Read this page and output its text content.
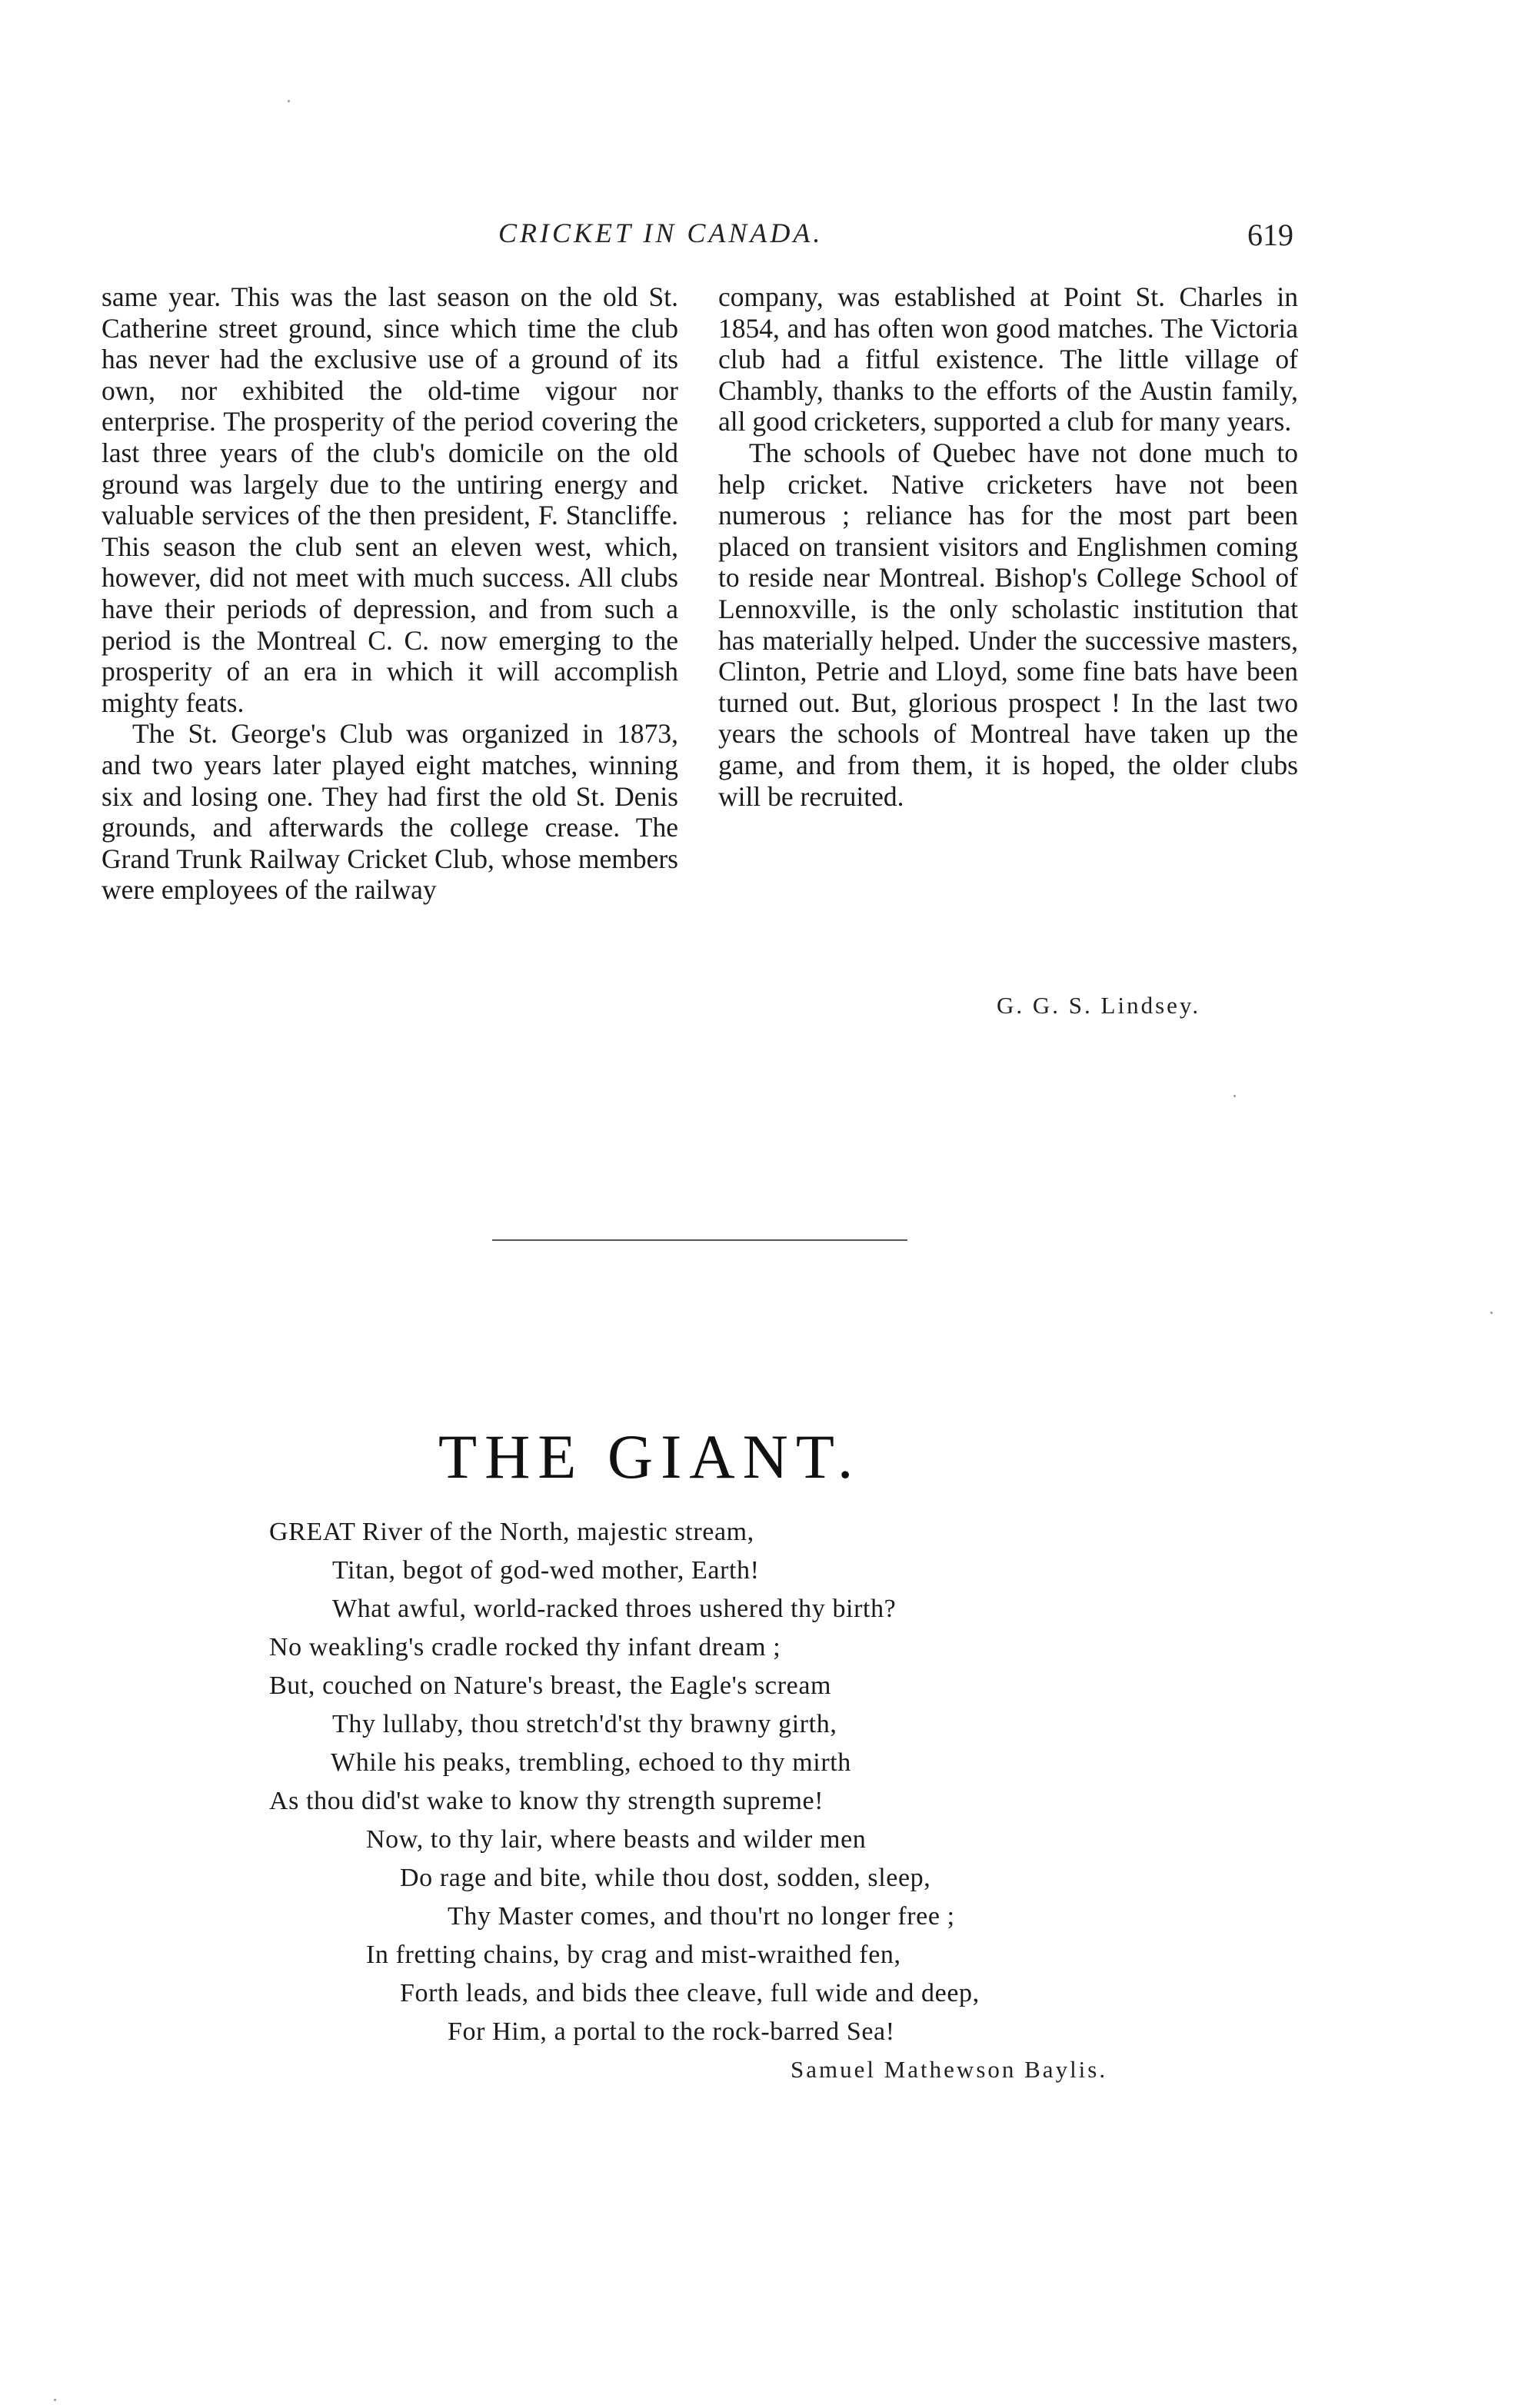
CRICKET IN CANADA.	619

same year. This was the last season on the old St. Catherine street ground, since which time the club has never had the exclusive use of a ground of its own, nor exhibited the old-time vigour nor enterprise. The prosperity of the period covering the last three years of the club's domicile on the old ground was largely due to the untiring energy and valuable services of the then president, F. Stancliffe. This season the club sent an eleven west, which, however, did not meet with much success. All clubs have their periods of depression, and from such a period is the Montreal C. C. now emerging to the prosperity of an era in which it will accomplish mighty feats.

The St. George's Club was organized in 1873, and two years later played eight matches, winning six and losing one. They had first the old St. Denis grounds, and afterwards the college crease. The Grand Trunk Railway Cricket Club, whose members were employees of the railway

company, was established at Point St. Charles in 1854, and has often won good matches. The Victoria club had a fitful existence. The little village of Chambly, thanks to the efforts of the Austin family, all good cricketers, supported a club for many years.

The schools of Quebec have not done much to help cricket. Native cricketers have not been numerous ; reliance has for the most part been placed on transient visitors and Englishmen coming to reside near Montreal. Bishop's College School of Lennoxville, is the only scholastic institution that has materially helped. Under the successive masters, Clinton, Petrie and Lloyd, some fine bats have been turned out. But, glorious prospect ! In the last two years the schools of Montreal have taken up the game, and from them, it is hoped, the older clubs will be recruited.

G. G. S. Lindsey.
THE GIANT.
GREAT River of the North, majestic stream,
Titan, begot of god-wed mother, Earth!
What awful, world-racked throes ushered thy birth?
No weakling's cradle rocked thy infant dream ;
But, couched on Nature's breast, the Eagle's scream
Thy lullaby, thou stretch'd'st thy brawny girth,
While his peaks, trembling, echoed to thy mirth
As thou did'st wake to know thy strength supreme!
Now, to thy lair, where beasts and wilder men
Do rage and bite, while thou dost, sodden, sleep,
Thy Master comes, and thou'rt no longer free ;
In fretting chains, by crag and mist-wraithed fen,
Forth leads, and bids thee cleave, full wide and deep,
For Him, a portal to the rock-barred Sea!
Samuel Mathewson Baylis.
